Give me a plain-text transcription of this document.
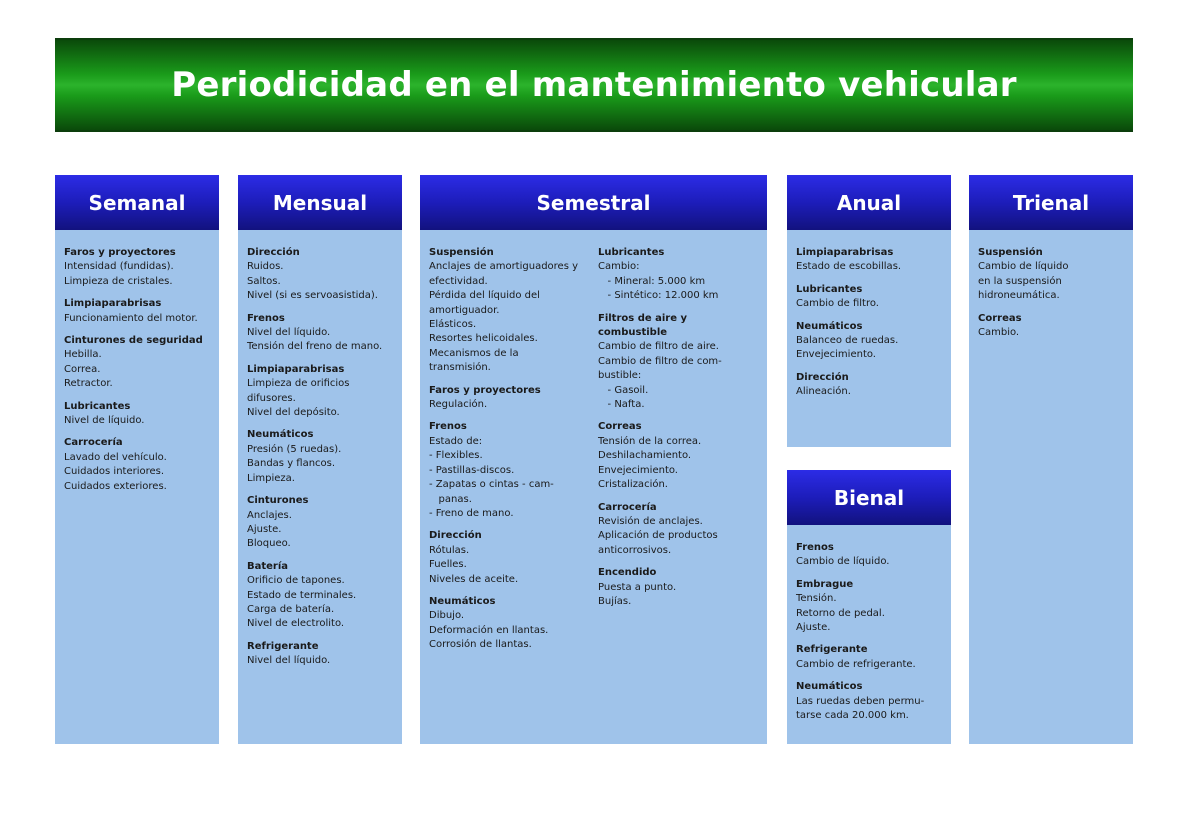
Periodicidad en el mantenimiento vehicular
Semanal
Faros y proyectores
Intensidad (fundidas).
Limpieza de cristales.
Limpiaparabrisas
Funcionamiento del motor.
Cinturones de seguridad
Hebilla.
Correa.
Retractor.
Lubricantes
Nivel de líquido.
Carrocería
Lavado del vehículo.
Cuidados interiores.
Cuidados exteriores.
Mensual
Dirección
Ruidos.
Saltos.
Nivel (si es servoasistida).
Frenos
Nivel del líquido.
Tensión del freno de mano.
Limpiaparabrisas
Limpieza de orificios
difusores.
Nivel del depósito.
Neumáticos
Presión (5 ruedas).
Bandas y flancos.
Limpieza.
Cinturones
Anclajes.
Ajuste.
Bloqueo.
Batería
Orificio de tapones.
Estado de terminales.
Carga de batería.
Nivel de electrolito.
Refrigerante
Nivel del líquido.
Semestral
Suspensión
Anclajes de amortiguadores y
efectividad.
Pérdida del líquido del
amortiguador.
Elásticos.
Resortes helicoidales.
Mecanismos de la
transmisión.
Faros y proyectores
Regulación.
Frenos
Estado de:
- Flexibles.
- Pastillas-discos.
- Zapatas o cintas - cam-
panas.
- Freno de mano.
Dirección
Rótulas.
Fuelles.
Niveles de aceite.
Neumáticos
Dibujo.
Deformación en llantas.
Corrosión de llantas.
Lubricantes
Cambio:
- Mineral: 5.000 km
- Sintético: 12.000 km
Filtros de aire y
combustible
Cambio de filtro de aire.
Cambio de filtro de com-
bustible:
- Gasoil.
- Nafta.
Correas
Tensión de la correa.
Deshilachamiento.
Envejecimiento.
Cristalización.
Carrocería
Revisión de anclajes.
Aplicación de productos
anticorrosivos.
Encendido
Puesta a punto.
Bujías.
Anual
Limpiaparabrisas
Estado de escobillas.
Lubricantes
Cambio de filtro.
Neumáticos
Balanceo de ruedas.
Envejecimiento.
Dirección
Alineación.
Bienal
Frenos
Cambio de líquido.
Embrague
Tensión.
Retorno de pedal.
Ajuste.
Refrigerante
Cambio de refrigerante.
Neumáticos
Las ruedas deben permu-
tarse cada 20.000 km.
Trienal
Suspensión
Cambio de líquido
en la suspensión
hidroneumática.
Correas
Cambio.
